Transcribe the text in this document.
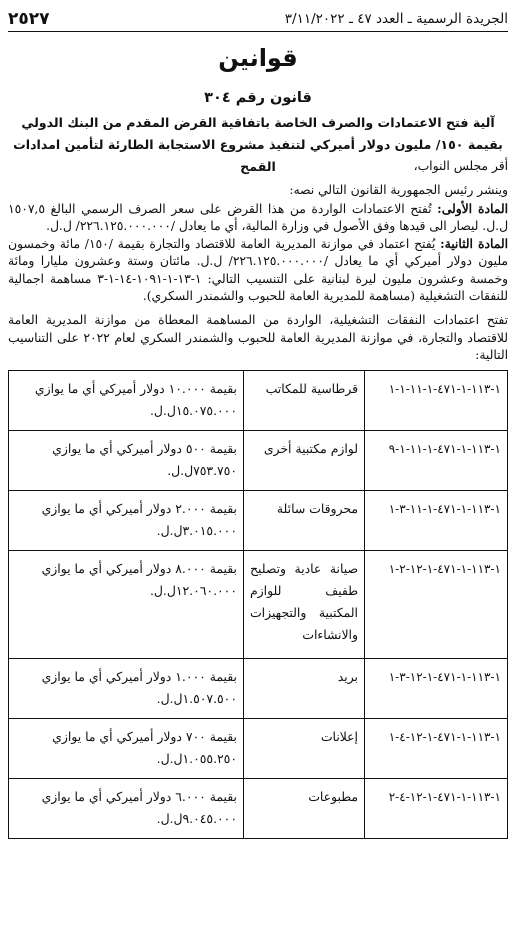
الجريدة الرسمية ـ العدد ٤٧ ـ ٣/١١/٢٠٢٢
٢٥٢٧
قوانين
قانون رقم ٣٠٤
آلية فتح الاعتمادات والصرف الخاصة باتفاقية القرض المقدم من البنك الدولي
بقيمة ١٥٠/ مليون دولار أميركي لتنفيذ مشروع الاستجابة الطارئة لتأمين امدادات القمح	أقر مجلس النواب،

وينشر رئيس الجمهورية القانون التالي نصه:

المادة الأولى: تُفتح الاعتمادات الواردة من هذا القرض على سعر الصرف الرسمي البالغ ١٥٠٧,٥ ل.ل. ليصار الى قيدها وفق الأصول في وزارة المالية، أي ما يعادل /٢٢٦.١٢٥.٠٠٠.٠٠٠/ ل.ل.

المادة الثانية: يُفتح اعتماد في موازنة المديرية العامة للاقتصاد والتجارة بقيمة /١٥٠/ مائة وخمسون مليون دولار أميركي أي ما يعادل /٢٢٦.١٢٥.٠٠٠.٠٠٠/ ل.ل. مائتان وستة وعشرون مليارا ومائة وخمسة وعشرون مليون ليرة لبنانية على التنسيب التالي: ١-١٣-١-١٠٩١-١٤-١-٣ مساهمة اجمالية للنفقات التشغيلية (مساهمة للمديرية العامة للحبوب والشمندر السكري).

تفتح اعتمادات النفقات التشغيلية، الواردة من المساهمة المعطاة من موازنة المديرية العامة للاقتصاد والتجارة، في موازنة المديرية العامة للحبوب والشمندر السكري لعام ٢٠٢٢ على التناسيب التالية:

١-١١٣-١-٤٧١-١-١١-١-١	قرطاسية للمكاتب	بقيمة ١٠.٠٠٠ دولار أميركي أي ما يوازي ١٥.٠٧٥.٠٠٠ل.ل.
١-١١٣-١-٤٧١-١-١١-١-٩	لوازم مكتبية أخرى	بقيمة ٥٠٠ دولار أميركي أي ما يوازي ٧٥٣.٧٥٠ل.ل.
١-١١٣-١-٤٧١-١-١١-٣-١	محروقات سائلة	بقيمة ٢.٠٠٠ دولار أميركي أي ما يوازي ٣.٠١٥.٠٠٠ل.ل.
١-١١٣-١-٤٧١-١-١٢-٢-١	صيانة عادية وتصليح طفيف للوازم المكتبية والتجهيزات والانشاءات	بقيمة ٨.٠٠٠ دولار أميركي أي ما يوازي ١٢.٠٦٠.٠٠٠ل.ل.
١-١١٣-١-٤٧١-١-١٢-٣-١	بريد	بقيمة ١.٠٠٠ دولار أميركي أي ما يوازي ١.٥٠٧.٥٠٠ل.ل.
١-١١٣-١-٤٧١-١-١٢-٤-١	إعلانات	بقيمة ٧٠٠ دولار أميركي أي ما يوازي ١.٠٥٥.٢٥٠ل.ل.
١-١١٣-١-٤٧١-١-١٢-٤-٢	مطبوعات	بقيمة ٦.٠٠٠ دولار أميركي أي ما يوازي ٩.٠٤٥.٠٠٠ل.ل.
